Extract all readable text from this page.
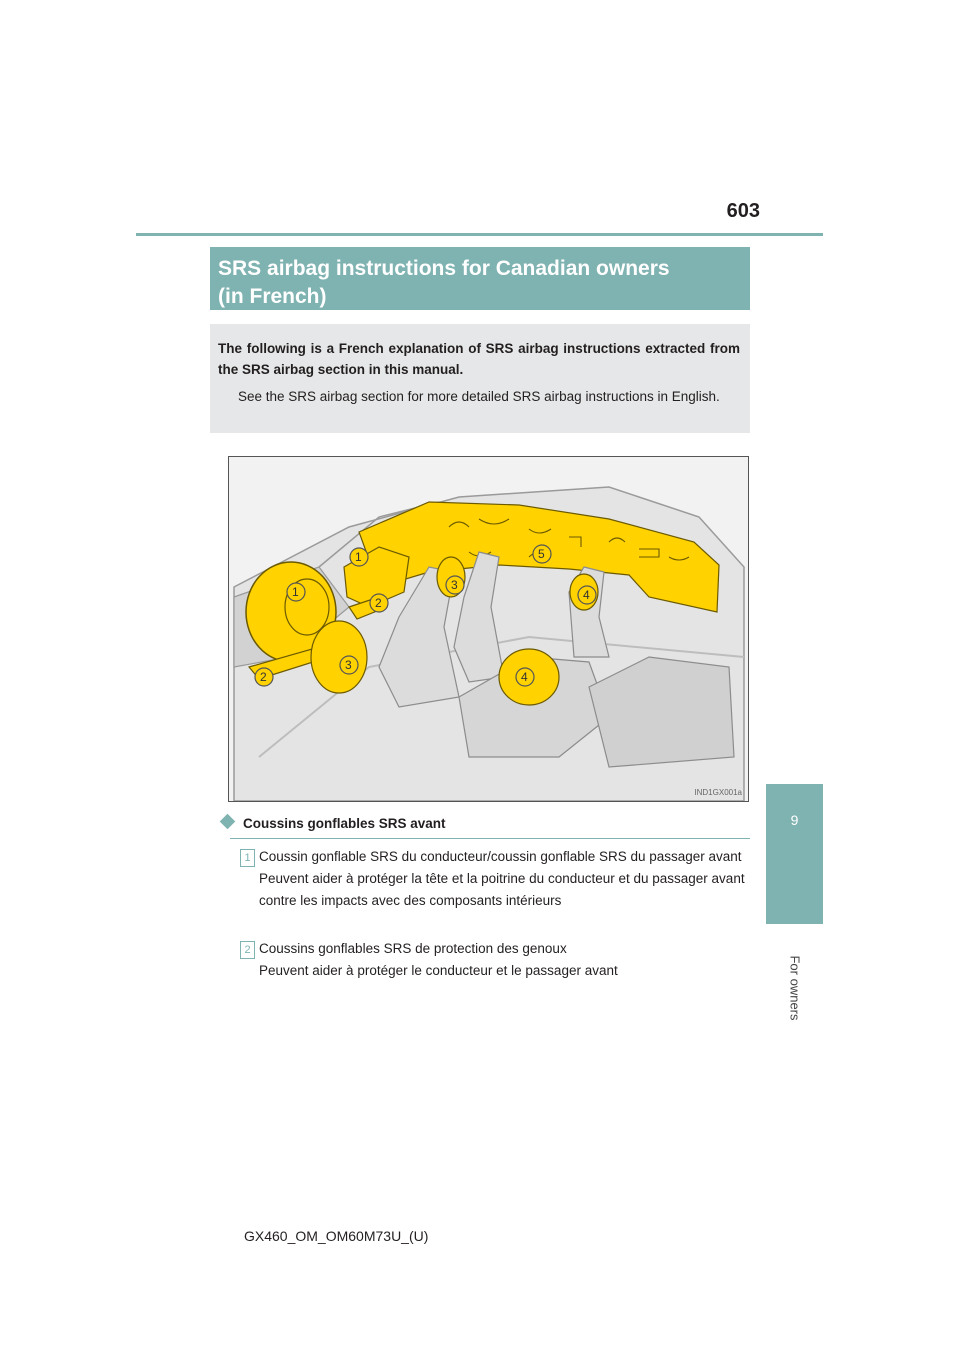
603
9
For owners
SRS airbag instructions for Canadian owners
(in French)
The following is a French explanation of SRS airbag instructions extracted from the SRS airbag section in this manual.
See the SRS airbag section for more detailed SRS airbag instructions in English.
1
1
2
2
3
3
4
4
5
IND1GX001a
Coussins gonflables SRS avant
1 Coussin gonflable SRS du conducteur/coussin gonflable SRS du passager avant
Peuvent aider à protéger la tête et la poitrine du conducteur et du passager avant contre les impacts avec des composants intérieurs
2 Coussins gonflables SRS de protection des genoux
Peuvent aider à protéger le conducteur et le passager avant
GX460_OM_OM60M73U_(U)
